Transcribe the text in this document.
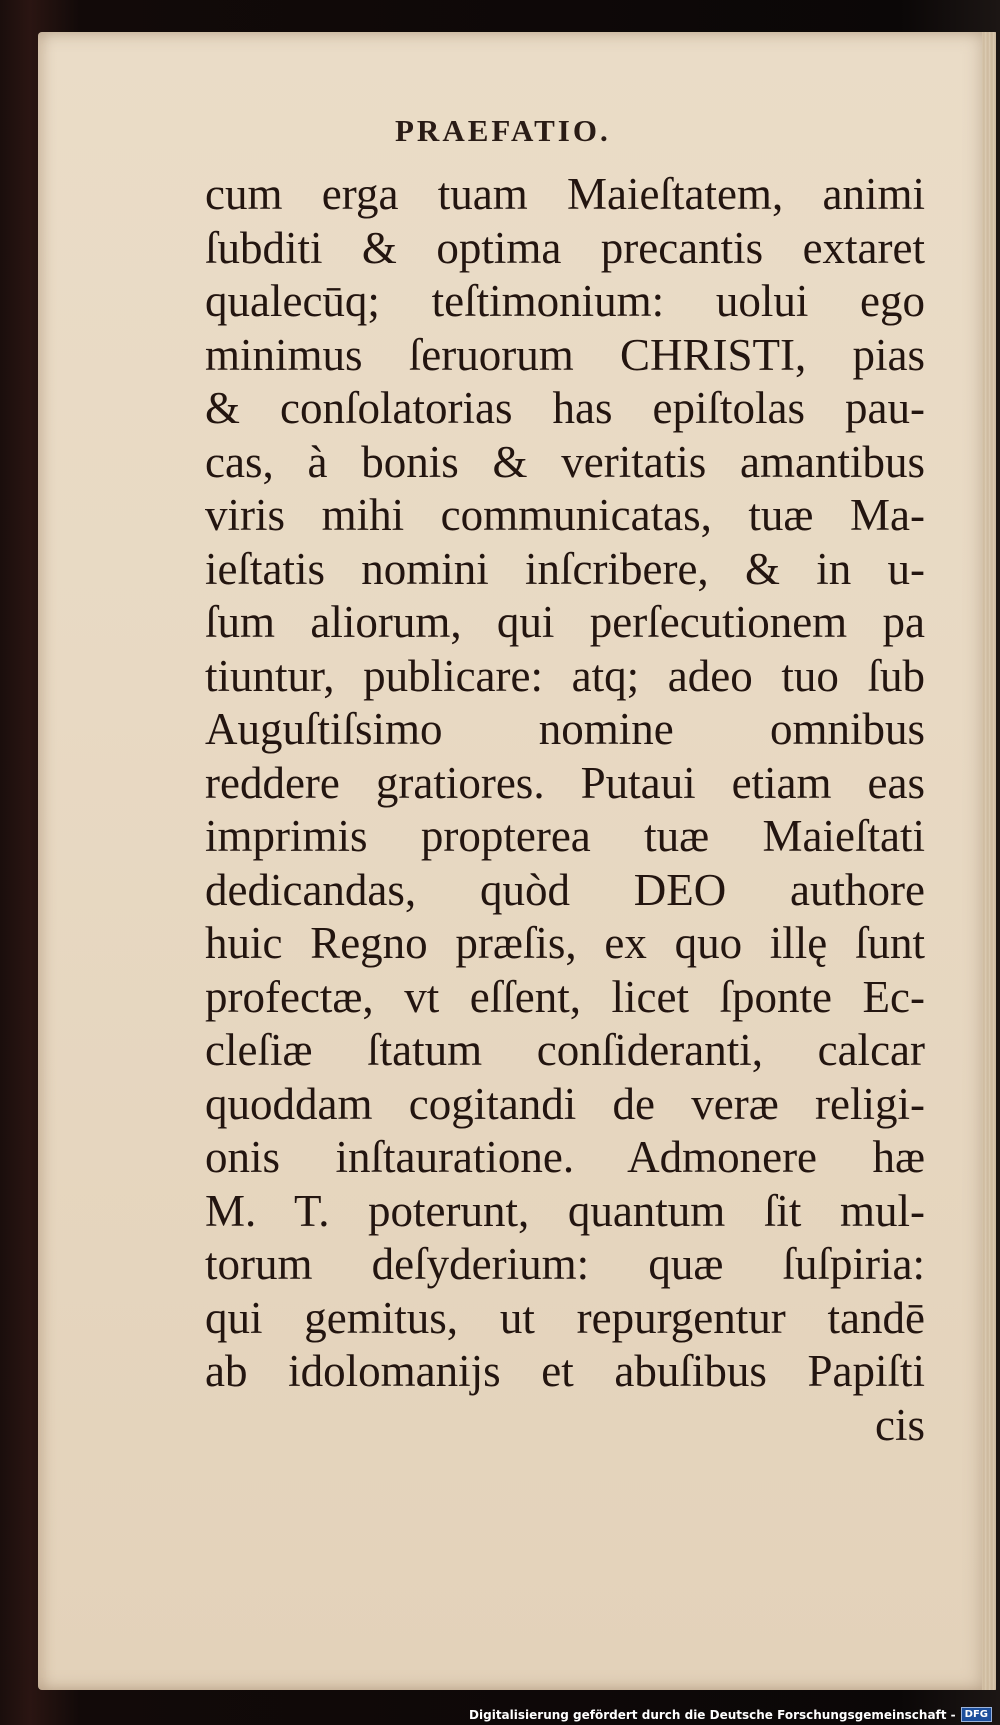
PRAEFATIO.
cum erga tuam Maieſtatem, animi
ſubditi & optima precantis extaret
qualecūq; teſtimonium: uolui ego
minimus ſeruorum CHRISTI, pias
& conſolatorias has epiſtolas pau-
cas, à bonis & veritatis amantibus
viris mihi communicatas, tuæ Ma-
ieſtatis nomini inſcribere, & in u-
ſum aliorum, qui perſecutionem pa
tiuntur, publicare: atq; adeo tuo ſub
Auguſtiſsimo nomine omnibus
reddere gratiores. Putaui etiam eas
imprimis propterea tuæ Maieſtati
dedicandas, quòd DEO authore
huic Regno præſis, ex quo illę ſunt
profectæ, vt eſſent, licet ſponte Ec-
cleſiæ ſtatum conſideranti, calcar
quoddam cogitandi de veræ religi-
onis inſtauratione. Admonere hæ
M. T. poterunt, quantum ſit mul-
torum deſyderium: quæ ſuſpiria:
qui gemitus, ut repurgentur tandē
ab idolomanijs et abuſibus Papiſti
cis
Digitalisierung gefördert durch die Deutsche Forschungsgemeinschaft - DFG
